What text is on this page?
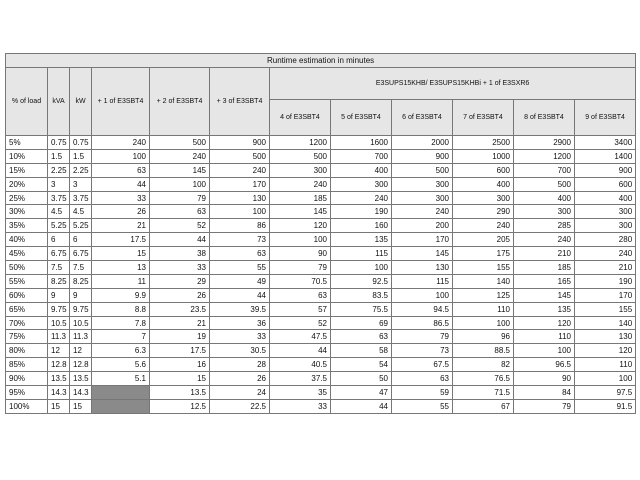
Runtime estimation in minutes											
% of load	kVA	kW	+ 1 of E3SBT4	+ 2 of E3SBT4	+ 3 of E3SBT4	E3SUPS15KHB/ E3SUPS15KHBi + 1 of E3SXR6					
						4 of E3SBT4	5 of E3SBT4	6 of E3SBT4	7 of E3SBT4	8 of E3SBT4	9 of E3SBT4
5%	0.75	0.75	240	500	900	1200	1600	2000	2500	2900	3400
10%	1.5	1.5	100	240	500	500	700	900	1000	1200	1400
15%	2.25	2.25	63	145	240	300	400	500	600	700	900
20%	3	3	44	100	170	240	300	300	400	500	600
25%	3.75	3.75	33	79	130	185	240	300	300	400	400
30%	4.5	4.5	26	63	100	145	190	240	290	300	300
35%	5.25	5.25	21	52	86	120	160	200	240	285	300
40%	6	6	17.5	44	73	100	135	170	205	240	280
45%	6.75	6.75	15	38	63	90	115	145	175	210	240
50%	7.5	7.5	13	33	55	79	100	130	155	185	210
55%	8.25	8.25	11	29	49	70.5	92.5	115	140	165	190
60%	9	9	9.9	26	44	63	83.5	100	125	145	170
65%	9.75	9.75	8.8	23.5	39.5	57	75.5	94.5	110	135	155
70%	10.5	10.5	7.8	21	36	52	69	86.5	100	120	140
75%	11.3	11.3	7	19	33	47.5	63	79	96	110	130
80%	12	12	6.3	17.5	30.5	44	58	73	88.5	100	120
85%	12.8	12.8	5.6	16	28	40.5	54	67.5	82	96.5	110
90%	13.5	13.5	5.1	15	26	37.5	50	63	76.5	90	100
95%	14.3	14.3		13.5	24	35	47	59	71.5	84	97.5
100%	15	15		12.5	22.5	33	44	55	67	79	91.5
